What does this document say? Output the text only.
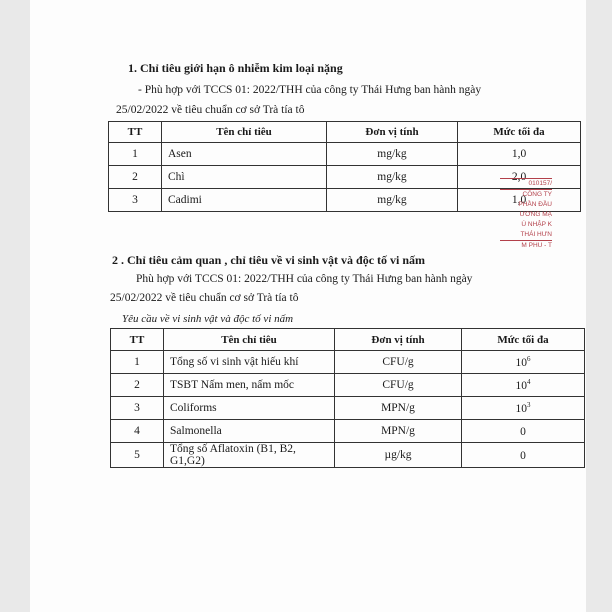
1. Chỉ tiêu giới hạn ô nhiễm kim loại nặng
- Phù hợp với TCCS 01: 2022/THH của công ty Thái Hưng ban hành ngày
25/02/2022 về tiêu chuẩn cơ sở Trà tía tô
TT	Tên chỉ tiêu	Đơn vị tính	Mức tối đa
1	Asen	mg/kg	1,0
2	Chì	mg/kg	2,0
3	Cadimi	mg/kg	1,0
010157/
CÔNG TY
PHẦN ĐẦU
ƯƠNG MẠ
Ú NHẬP K
THÁI HƯN
M PHU - T
2 . Chỉ tiêu cảm quan , chỉ tiêu về vi sinh vật và độc tố vi nấm
Phù hợp với TCCS 01: 2022/THH của công ty Thái Hưng ban hành ngày
25/02/2022 về tiêu chuẩn cơ sở Trà tía tô
Yêu cầu về vi sinh vật và độc tố vi nấm
TT	Tên chỉ tiêu	Đơn vị tính	Mức tối đa
1	Tổng số vi sinh vật hiếu khí	CFU/g	$10^6$
2	TSBT Nấm men, nấm mốc	CFU/g	$10^4$
3	Coliforms	MPN/g	$10^3$
4	Salmonella	MPN/g	0
5	Tổng số Aflatoxin (B1, B2, G1,G2)	µg/kg	0
